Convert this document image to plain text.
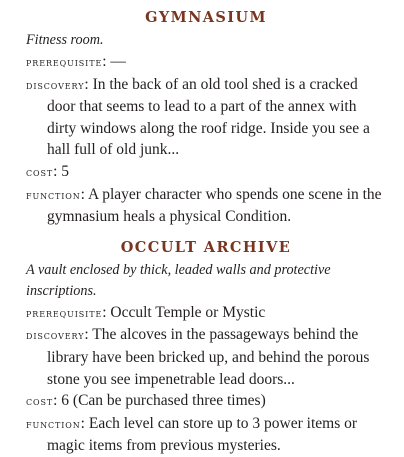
GYMNASIUM

Fitness room.

prerequisite: —

discovery: In the back of an old tool shed is a cracked door that seems to lead to a part of the annex with dirty windows along the roof ridge. Inside you see a hall full of old junk...

cost: 5

function: A player character who spends one scene in the gymnasium heals a physical Condition.

OCCULT ARCHIVE

A vault enclosed by thick, leaded walls and protective inscriptions.

prerequisite: Occult Temple or Mystic

discovery: The alcoves in the passageways behind the library have been bricked up, and behind the porous stone you see impenetrable lead doors...

cost: 6 (Can be purchased three times)

function: Each level can store up to 3 power items or magic items from previous mysteries.
